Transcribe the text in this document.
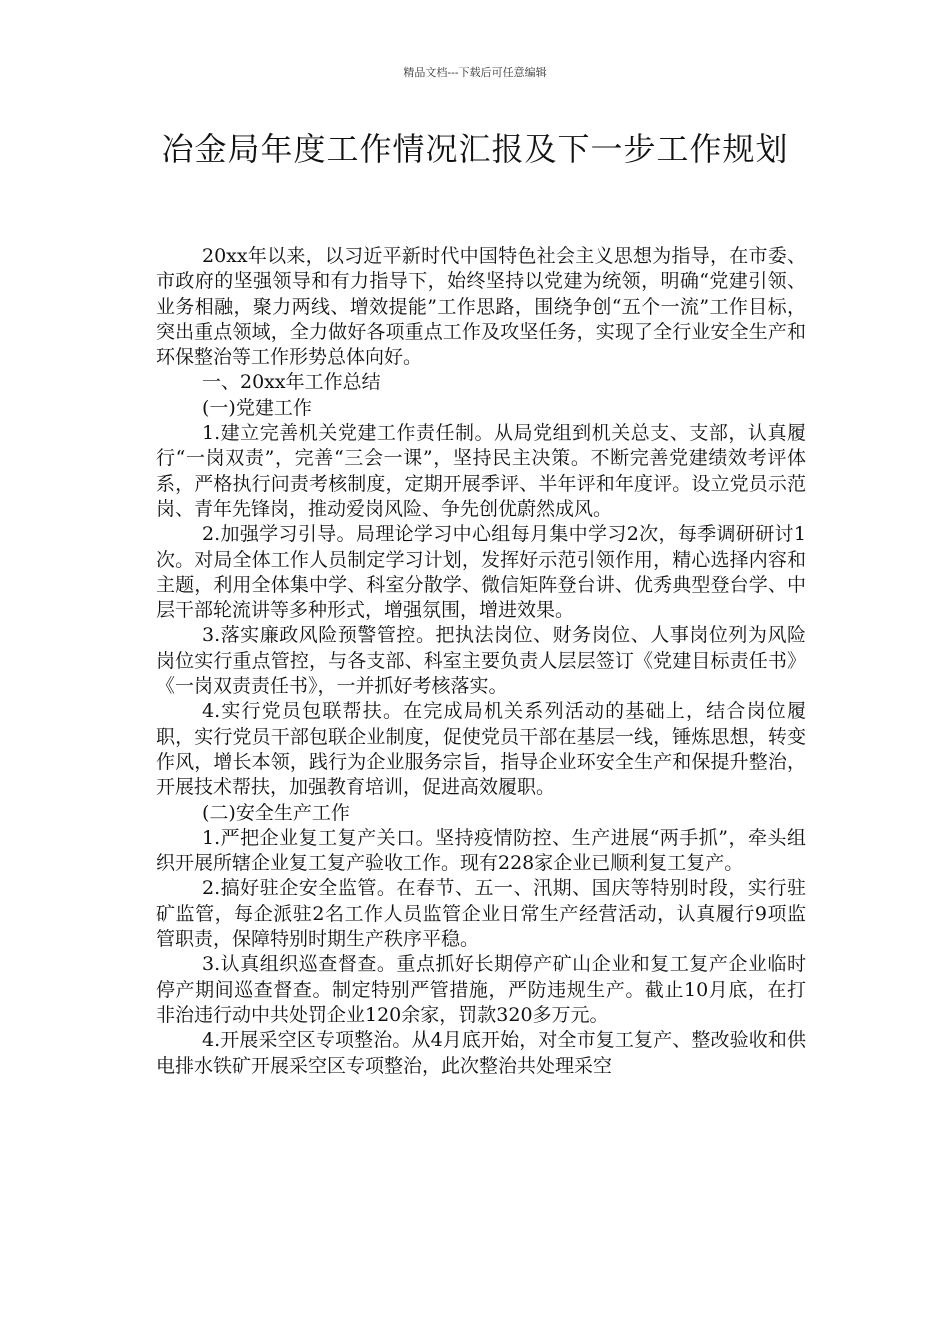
精品文档---下载后可任意编辑
冶金局年度工作情况汇报及下一步工作规划

20xx年以来，以习近平新时代中国特色社会主义思想为指导，在市委、市政府的坚强领导和有力指导下，始终坚持以党建为统领，明确“党建引领、业务相融，聚力两线、增效提能”工作思路，围绕争创“五个一流”工作目标，突出重点领域，全力做好各项重点工作及攻坚任务，实现了全行业安全生产和环保整治等工作形势总体向好。

一、20xx年工作总结

(一)党建工作

1.建立完善机关党建工作责任制。从局党组到机关总支、支部，认真履行“一岗双责”，完善“三会一课”，坚持民主决策。不断完善党建绩效考评体系，严格执行问责考核制度，定期开展季评、半年评和年度评。设立党员示范岗、青年先锋岗，推动爱岗风险、争先创优蔚然成风。

2.加强学习引导。局理论学习中心组每月集中学习2次，每季调研研讨1次。对局全体工作人员制定学习计划，发挥好示范引领作用，精心选择内容和主题，利用全体集中学、科室分散学、微信矩阵登台讲、优秀典型登台学、中层干部轮流讲等多种形式，增强氛围，增进效果。

3.落实廉政风险预警管控。把执法岗位、财务岗位、人事岗位列为风险岗位实行重点管控，与各支部、科室主要负责人层层签订《党建目标责任书》《一岗双责责任书》，一并抓好考核落实。

4.实行党员包联帮扶。在完成局机关系列活动的基础上，结合岗位履职，实行党员干部包联企业制度，促使党员干部在基层一线，锤炼思想，转变作风，增长本领，践行为企业服务宗旨，指导企业环安全生产和保提升整治，开展技术帮扶，加强教育培训，促进高效履职。

(二)安全生产工作

1.严把企业复工复产关口。坚持疫情防控、生产进展“两手抓”，牵头组织开展所辖企业复工复产验收工作。现有228家企业已顺利复工复产。

2.搞好驻企安全监管。在春节、五一、汛期、国庆等特别时段，实行驻矿监管，每企派驻2名工作人员监管企业日常生产经营活动，认真履行9项监管职责，保障特别时期生产秩序平稳。

3.认真组织巡查督查。重点抓好长期停产矿山企业和复工复产企业临时停产期间巡查督查。制定特别严管措施，严防违规生产。截止10月底，在打非治违行动中共处罚企业120余家，罚款320多万元。

4.开展采空区专项整治。从4月底开始，对全市复工复产、整改验收和供电排水铁矿开展采空区专项整治，此次整治共处理采空
